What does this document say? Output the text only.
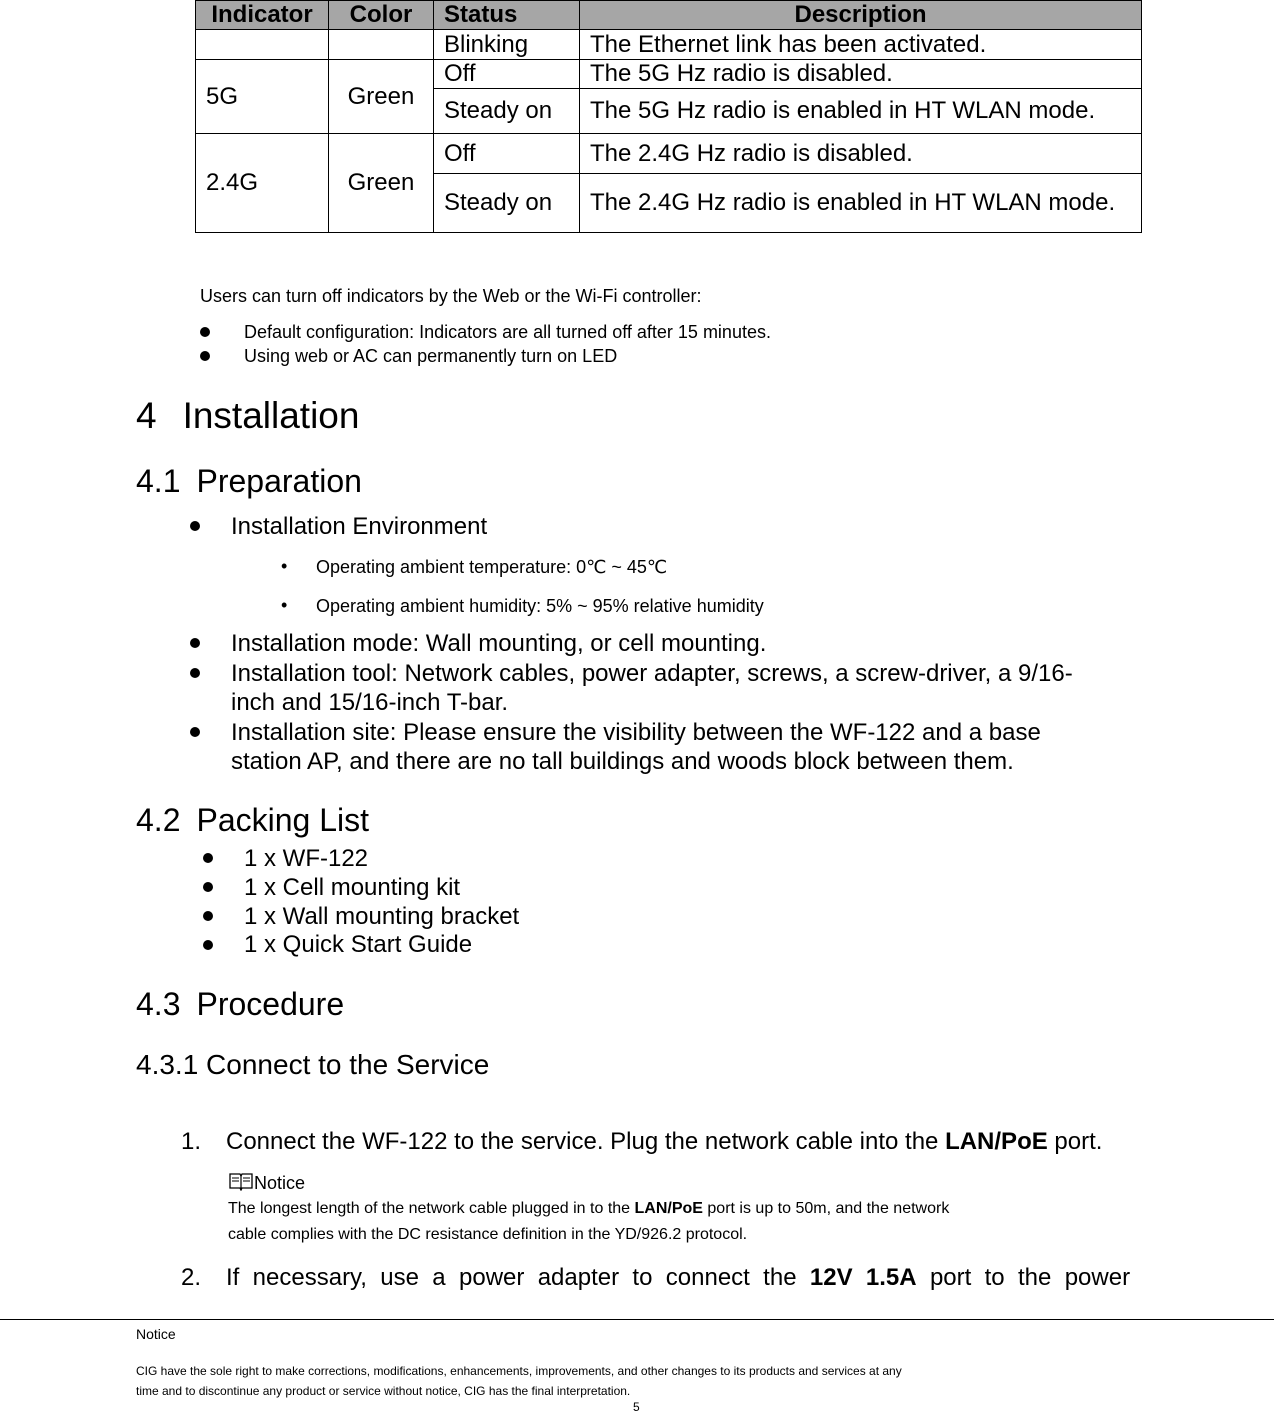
Indicator	Color	Status	Description
		Blinking	The Ethernet link has been activated.
5G	Green	Off	The 5G Hz radio is disabled.
		Steady on	The 5G Hz radio is enabled in HT WLAN mode.
2.4G	Green	Off	The 2.4G Hz radio is disabled.
		Steady on	The 2.4G Hz radio is enabled in HT WLAN mode.
Users can turn off indicators by the Web or the Wi-Fi controller:
Default configuration: Indicators are all turned off after 15 minutes.
Using web or AC can permanently turn on LED
4 Installation
4.1 Preparation
Installation Environment
• Operating ambient temperature: 0℃ ~ 45℃
• Operating ambient humidity: 5% ~ 95% relative humidity
Installation mode: Wall mounting, or cell mounting.
Installation tool: Network cables, power adapter, screws, a screw-driver, a 9/16-
inch and 15/16-inch T-bar.
Installation site: Please ensure the visibility between the WF-122 and a base
station AP, and there are no tall buildings and woods block between them.
4.2 Packing List
1 x WF-122
1 x Cell mounting kit
1 x Wall mounting bracket
1 x Quick Start Guide
4.3 Procedure
4.3.1 Connect to the Service
1. Connect the WF-122 to the service. Plug the network cable into the LAN/PoE port.
Notice
The longest length of the network cable plugged in to the LAN/PoE port is up to 50m, and the network
cable complies with the DC resistance definition in the YD/926.2 protocol.
2. If  necessary,  use  a  power  adapter  to  connect  the  12V  1.5A  port  to  the  power
Notice
CIG have the sole right to make corrections, modifications, enhancements, improvements, and other changes to its products and services at any
time and to discontinue any product or service without notice, CIG has the final interpretation.
5
